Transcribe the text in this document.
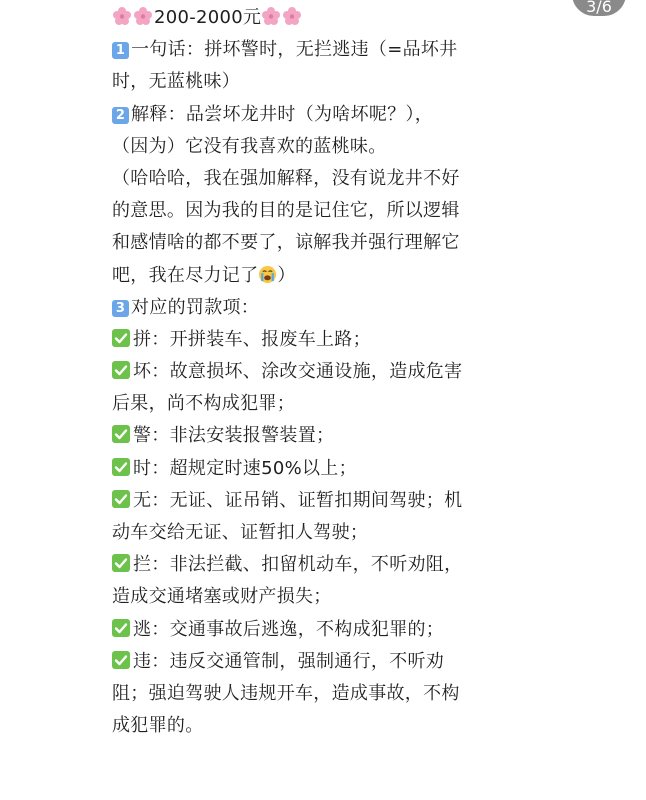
3/6
200-2000元
1 一句话：拼坏警时，无拦逃违（=品坏井
时，无蓝桃味）
2 解释：品尝坏龙井时（为啥坏呢？），
（因为）它没有我喜欢的蓝桃味。
（哈哈哈，我在强加解释，没有说龙井不好
的意思。因为我的目的是记住它，所以逻辑
和感情啥的都不要了，谅解我并强行理解它
吧，我在尽力记了 ）
3 对应的罚款项：
拼：开拼装车、报废车上路；
坏：故意损坏、涂改交通设施，造成危害
后果，尚不构成犯罪；
警：非法安装报警装置；
时：超规定时速50%以上；
无：无证、证吊销、证暂扣期间驾驶；机
动车交给无证、证暂扣人驾驶；
拦：非法拦截、扣留机动车，不听劝阻，
造成交通堵塞或财产损失；
逃：交通事故后逃逸，不构成犯罪的；
违：违反交通管制，强制通行，不听劝
阻；强迫驾驶人违规开车，造成事故，不构
成犯罪的。
